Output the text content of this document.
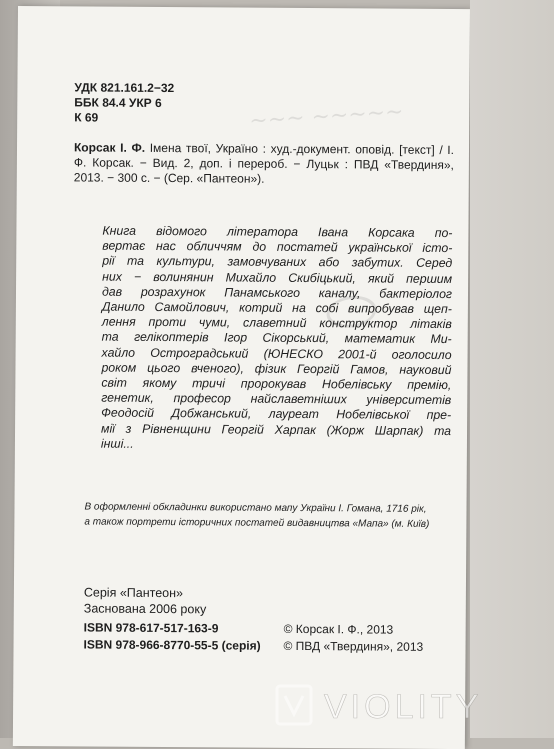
~~~ ~~~~~
⬭
УДК 821.161.2−32
ББК 84.4 УКР 6
К 69
Корсак І. Ф. Імена твої, Україно : худ.-документ. оповід. [текст] / І. Ф. Корсак. − Вид. 2, доп. і перероб. − Луцьк : ПВД «Твердиня», 2013. − 300 с. − (Сер. «Пантеон»).
Книга відомого літератора Івана Корсака по-
вертає нас обличчям до постатей української істо-
рії та культури, замовчуваних або забутих. Серед
них − волинянин Михайло Скибіцький, який першим
дав розрахунок Панамського каналу, бактеріолог
Данило Самойлович, котрий на собі випробував щеп-
лення проти чуми, славетний конструктор літаків
та гелікоптерів Ігор Сікорський, математик Ми-
хайло Остроградський (ЮНЕСКО 2001-й оголосило
роком цього вченого), фізик Георгій Гамов, науковий
світ якому тричі пророкував Нобелівську премію,
генетик, професор найславетніших університетів
Феодосій Добжанський, лауреат Нобелівської пре-
мії з Рівненщини Георгій Харпак (Жорж Шарпак) та
інші...
В оформленні обкладинки використано мапу України І. Гомана, 1716 рік,
а також портрети історичних постатей видавництва «Мапа» (м. Київ)
Серія «Пантеон»
Заснована 2006 року
ISBN 978-617-517-163-9
ISBN 978-966-8770-55-5 (серія)
© Корсак І. Ф., 2013
© ПВД «Твердиня», 2013
VIOLITY
